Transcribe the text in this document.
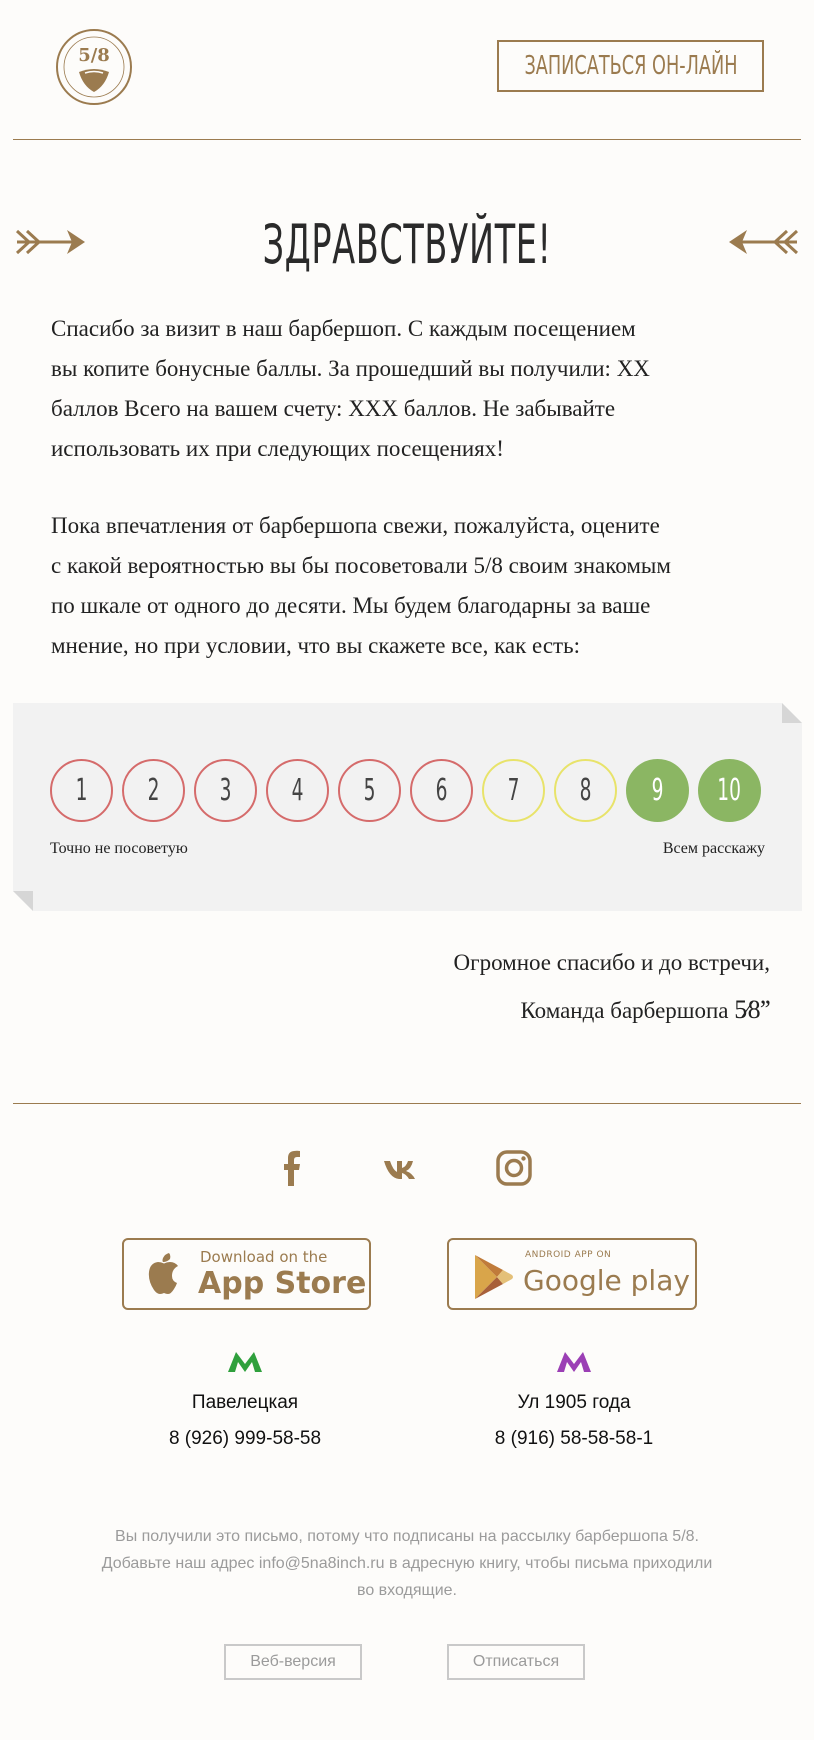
5/8	ЗАПИСАТЬСЯ ОН-ЛАЙН
ЗДРАВСТВУЙТЕ!
Спасибо за визит в наш барбершоп. С каждым посещением
вы копите бонусные баллы. За прошедший вы получили: XX
баллов Всего на вашем счету: XXX баллов. Не забывайте
использовать их при следующих посещениях!
Пока впечатления от барбершопа свежи, пожалуйста, оцените
с какой вероятностью вы бы посоветовали 5/8 своим знакомым
по шкале от одного до десяти. Мы будем благодарны за ваше
мнение, но при условии, что вы скажете все, как есть:
1 2 3 4 5 6 7 8 9 10
Точно не посоветую	Всем расскажу
Огромное спасибо и до встречи,
Команда барбершопа 5⁄8’’
Download on the
App Store
ANDROID APP ON
Google play
Павелецкая
8 (926) 999-58-58
Ул 1905 года
8 (916) 58-58-58-1
Вы получили это письмо, потому что подписаны на рассылку барбершопа 5/8.
Добавьте наш адрес info@5na8inch.ru в адресную книгу, чтобы письма приходили
во входящие.
Веб-версия	Отписаться
